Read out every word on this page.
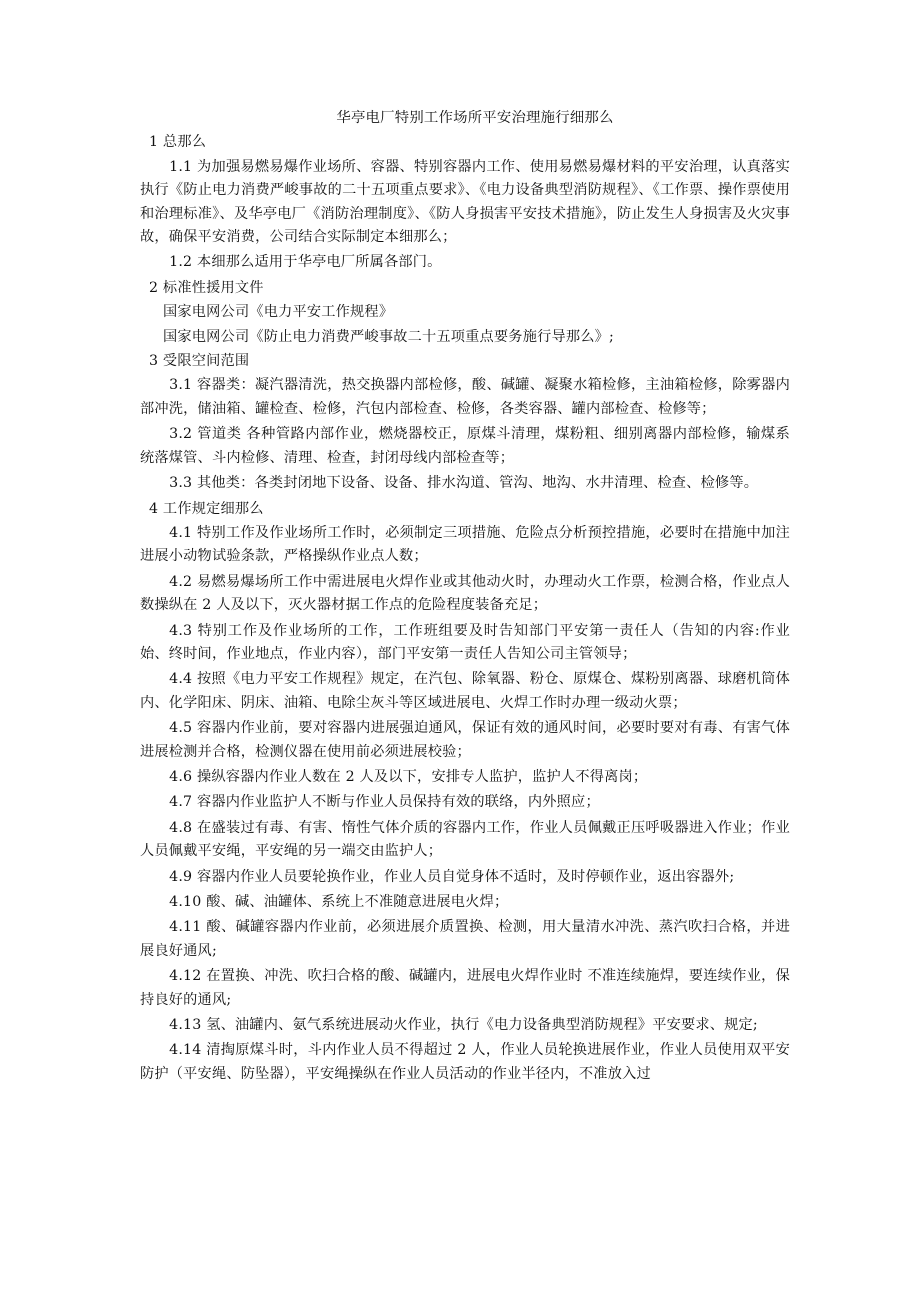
华亭电厂特别工作场所平安治理施行细那么
1 总那么
1.1 为加强易燃易爆作业场所、容器、特别容器内工作、使用易燃易爆材料的平安治理，认真落实执行《防止电力消费严峻事故的二十五项重点要求》、《电力设备典型消防规程》、《工作票、操作票使用和治理标准》、及华亭电厂《消防治理制度》、《防人身损害平安技术措施》，防止发生人身损害及火灾事故，确保平安消费，公司结合实际制定本细那么；
1.2 本细那么适用于华亭电厂所属各部门。
2 标准性援用文件
国家电网公司《电力平安工作规程》
国家电网公司《防止电力消费严峻事故二十五项重点要务施行导那么》;
3 受限空间范围
3.1 容器类：凝汽器清洗，热交换器内部检修，酸、碱罐、凝聚水箱检修，主油箱检修，除雾器内部冲洗，储油箱、罐检查、检修，汽包内部检查、检修，各类容器、罐内部检查、检修等；
3.2 管道类 各种管路内部作业，燃烧器校正，原煤斗清理，煤粉粗、细别离器内部检修，输煤系统落煤管、斗内检修、清理、检查，封闭母线内部检查等；
3.3 其他类：各类封闭地下设备、设备、排水沟道、管沟、地沟、水井清理、检查、检修等。
4 工作规定细那么
4.1 特别工作及作业场所工作时，必须制定三项措施、危险点分析预控措施，必要时在措施中加注进展小动物试验条款，严格操纵作业点人数；
4.2 易燃易爆场所工作中需进展电火焊作业或其他动火时，办理动火工作票，检测合格，作业点人数操纵在 2 人及以下，灭火器材据工作点的危险程度装备充足；
4.3 特别工作及作业场所的工作，工作班组要及时告知部门平安第一责任人（告知的内容:作业始、终时间，作业地点，作业内容），部门平安第一责任人告知公司主管领导；
4.4 按照《电力平安工作规程》规定，在汽包、除氧器、粉仓、原煤仓、煤粉别离器、球磨机筒体内、化学阳床、阴床、油箱、电除尘灰斗等区域进展电、火焊工作时办理一级动火票；
4.5 容器内作业前，要对容器内进展强迫通风，保证有效的通风时间，必要时要对有毒、有害气体进展检测并合格，检测仪器在使用前必须进展校验；
4.6 操纵容器内作业人数在 2 人及以下，安排专人监护，监护人不得离岗；
4.7 容器内作业监护人不断与作业人员保持有效的联络，内外照应；
4.8 在盛装过有毒、有害、惰性气体介质的容器内工作，作业人员佩戴正压呼吸器进入作业；作业人员佩戴平安绳，平安绳的另一端交由监护人；
4.9 容器内作业人员要轮换作业，作业人员自觉身体不适时，及时停顿作业，返出容器外;
4.10 酸、碱、油罐体、系统上不准随意进展电火焊；
4.11 酸、碱罐容器内作业前，必须进展介质置换、检测，用大量清水冲洗、蒸汽吹扫合格，并进展良好通风;
4.12 在置换、冲洗、吹扫合格的酸、碱罐内，进展电火焊作业时 不准连续施焊，要连续作业，保持良好的通风;
4.13 氢、油罐内、氨气系统进展动火作业，执行《电力设备典型消防规程》平安要求、规定;
4.14 清掏原煤斗时，斗内作业人员不得超过 2 人，作业人员轮换进展作业，作业人员使用双平安防护（平安绳、防坠器），平安绳操纵在作业人员活动的作业半径内，不准放入过
